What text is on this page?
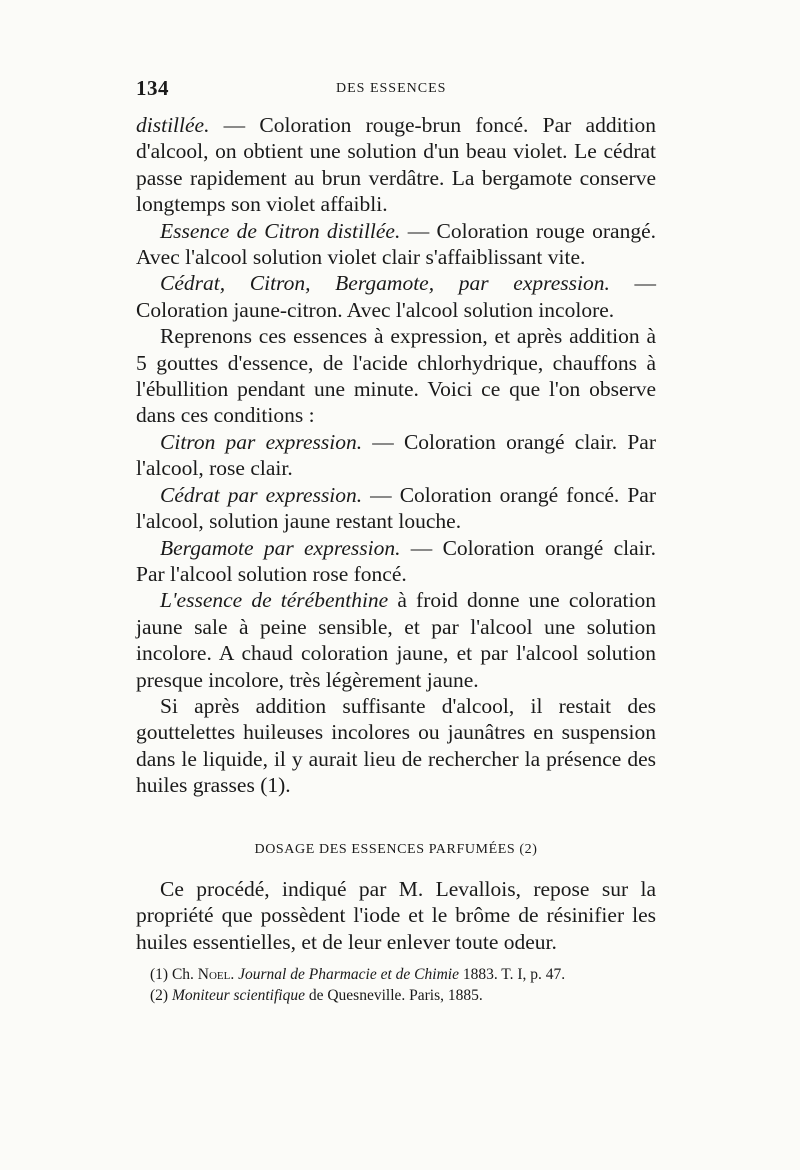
134	DES ESSENCES

distillée. — Coloration rouge-brun foncé. Par addition d'alcool, on obtient une solution d'un beau violet. Le cédrat passe rapidement au brun verdâtre. La bergamote conserve longtemps son violet affaibli.

Essence de Citron distillée. — Coloration rouge orangé. Avec l'alcool solution violet clair s'affaiblissant vite.

Cédrat, Citron, Bergamote, par expression. — Coloration jaune-citron. Avec l'alcool solution incolore.

Reprenons ces essences à expression, et après addition à 5 gouttes d'essence, de l'acide chlorhydrique, chauffons à l'ébullition pendant une minute. Voici ce que l'on observe dans ces conditions :

Citron par expression. — Coloration orangé clair. Par l'alcool, rose clair.

Cédrat par expression. — Coloration orangé foncé. Par l'alcool, solution jaune restant louche.

Bergamote par expression. — Coloration orangé clair. Par l'alcool solution rose foncé.

L'essence de térébenthine à froid donne une coloration jaune sale à peine sensible, et par l'alcool une solution incolore. A chaud coloration jaune, et par l'alcool solution presque incolore, très légèrement jaune.

Si après addition suffisante d'alcool, il restait des gouttelettes huileuses incolores ou jaunâtres en suspension dans le liquide, il y aurait lieu de rechercher la présence des huiles grasses (1).

DOSAGE DES ESSENCES PARFUMÉES (2)

Ce procédé, indiqué par M. Levallois, repose sur la propriété que possèdent l'iode et le brôme de résinifier les huiles essentielles, et de leur enlever toute odeur.

(1) Ch. Noel. Journal de Pharmacie et de Chimie 1883. T. I, p. 47.
(2) Moniteur scientifique de Quesneville. Paris, 1885.
